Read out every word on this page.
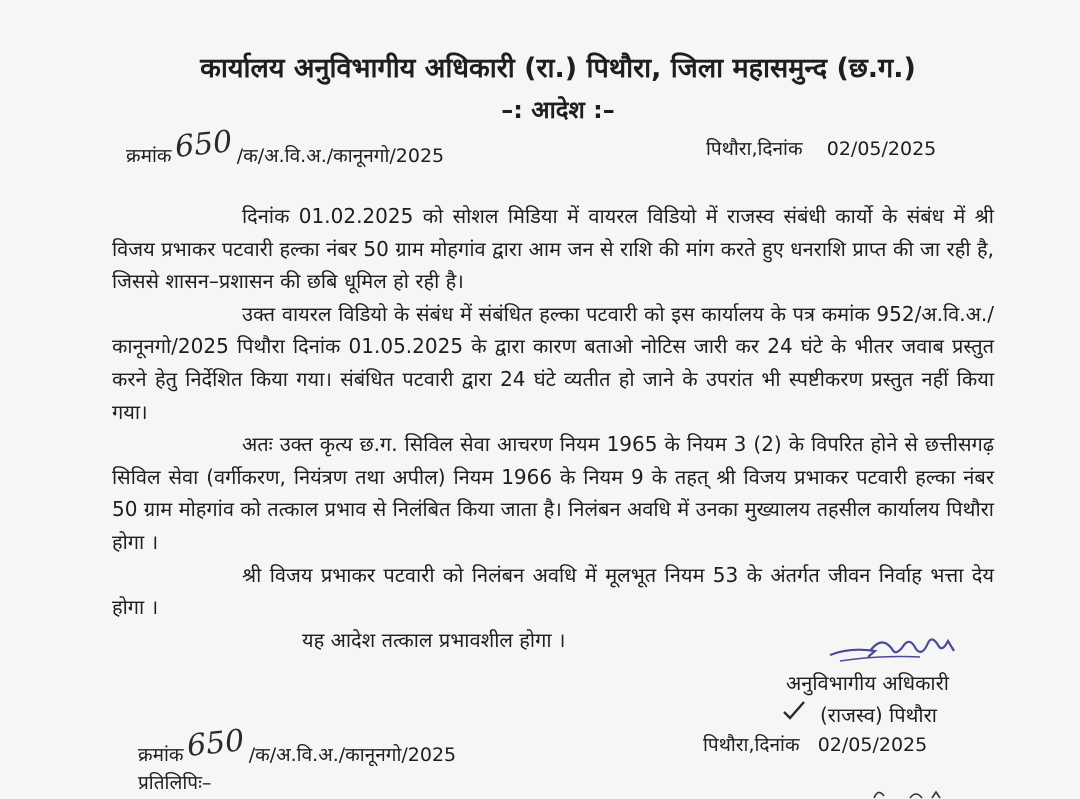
कार्यालय अनुविभागीय अधिकारी (रा.) पिथौरा, जिला महासमुन्द (छ.ग.)
–: आदेश :–
क्रमांक650 /क/अ.वि.अ./कानूनगो/2025	पिथौरा,दिनांक 02/05/2025

दिनांक 01.02.2025 को सोशल मिडिया में वायरल विडियो में राजस्व संबंधी कार्यो के संबंध में श्री विजय प्रभाकर पटवारी हल्का नंबर 50 ग्राम मोहगांव द्वारा आम जन से राशि की मांग करते हुए धनराशि प्राप्त की जा रही है, जिससे शासन–प्रशासन की छबि धूमिल हो रही है।

उक्त वायरल विडियो के संबंध में संबंधित हल्का पटवारी को इस कार्यालय के पत्र कमांक 952/अ.वि.अ./कानूनगो/2025 पिथौरा दिनांक 01.05.2025 के द्वारा कारण बताओ नोटिस जारी कर 24 घंटे के भीतर जवाब प्रस्तुत करने हेतु निर्देशित किया गया। संबंधित पटवारी द्वारा 24 घंटे व्यतीत हो जाने के उपरांत भी स्पष्टीकरण प्रस्तुत नहीं किया गया।

अतः उक्त कृत्य छ.ग. सिविल सेवा आचरण नियम 1965 के नियम 3 (2) के विपरित होने से छत्तीसगढ़ सिविल सेवा (वर्गीकरण, नियंत्रण तथा अपील) नियम 1966 के नियम 9 के तहत् श्री विजय प्रभाकर पटवारी हल्का नंबर 50 ग्राम मोहगांव को तत्काल प्रभाव से निलंबित किया जाता है। निलंबन अवधि में उनका मुख्यालय तहसील कार्यालय पिथौरा होगा ।

श्री विजय प्रभाकर पटवारी को निलंबन अवधि में मूलभूत नियम 53 के अंतर्गत जीवन निर्वाह भत्ता देय होगा ।

यह आदेश तत्काल प्रभावशील होगा ।

अनुविभागीय अधिकारी
(राजस्व) पिथौरा
क्रमांक650 /क/अ.वि.अ./कानूनगो/2025	पिथौरा,दिनांक 02/05/2025
प्रतिलिपिः–
